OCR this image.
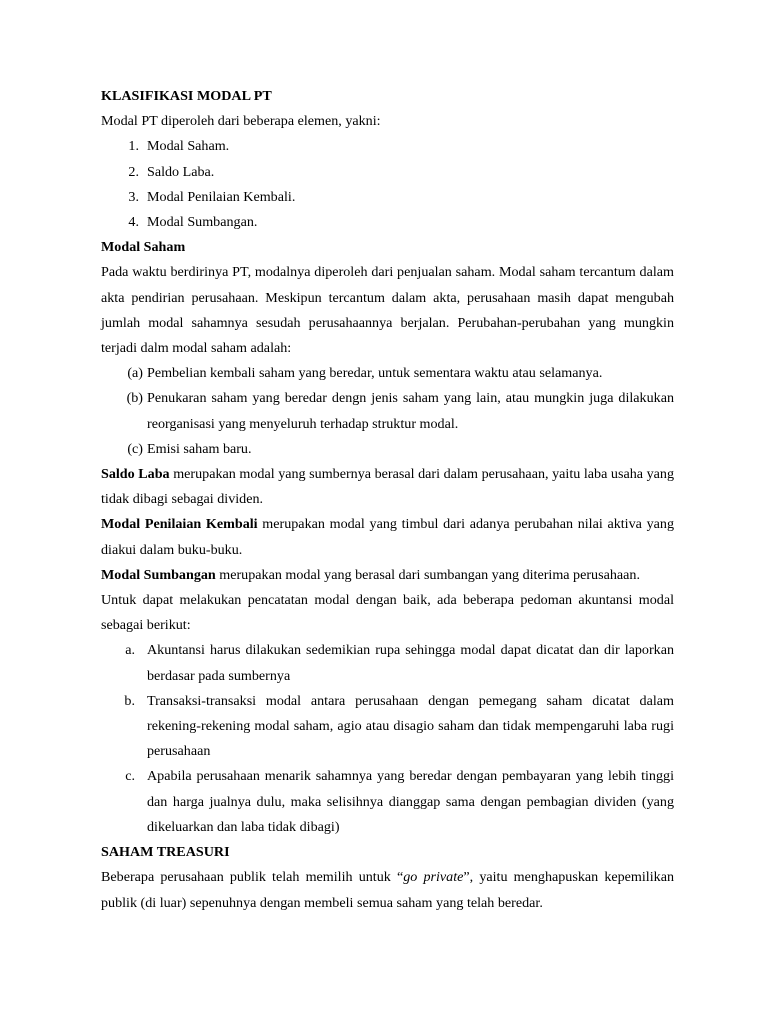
KLASIFIKASI MODAL PT
Modal PT diperoleh dari beberapa elemen, yakni:
1. Modal Saham.
2. Saldo Laba.
3. Modal Penilaian Kembali.
4. Modal Sumbangan.
Modal Saham
Pada waktu berdirinya PT, modalnya diperoleh dari penjualan saham. Modal saham tercantum dalam akta pendirian perusahaan. Meskipun tercantum dalam akta, perusahaan masih dapat mengubah jumlah modal sahamnya sesudah perusahaannya berjalan. Perubahan-perubahan yang mungkin terjadi dalm modal saham adalah:
(a) Pembelian kembali saham yang beredar, untuk sementara waktu atau selamanya.
(b) Penukaran saham yang beredar dengn jenis saham yang lain, atau mungkin juga dilakukan reorganisasi yang menyeluruh terhadap struktur modal.
(c) Emisi saham baru.
Saldo Laba merupakan modal yang sumbernya berasal dari dalam perusahaan, yaitu laba usaha yang tidak dibagi sebagai dividen.
Modal Penilaian Kembali merupakan modal yang timbul dari adanya perubahan nilai aktiva yang diakui dalam buku-buku.
Modal Sumbangan merupakan modal yang berasal dari sumbangan yang diterima perusahaan.
Untuk dapat melakukan pencatatan modal dengan baik, ada beberapa pedoman akuntansi modal sebagai berikut:
a. Akuntansi harus dilakukan sedemikian rupa sehingga modal dapat dicatat dan dir laporkan berdasar pada sumbernya
b. Transaksi-transaksi modal antara perusahaan dengan pemegang saham dicatat dalam rekening-rekening modal saham, agio atau disagio saham dan tidak mempengaruhi laba rugi perusahaan
c. Apabila perusahaan menarik sahamnya yang beredar dengan pembayaran yang lebih tinggi dan harga jualnya dulu, maka selisihnya dianggap sama dengan pembagian dividen (yang dikeluarkan dan laba tidak dibagi)
SAHAM TREASURI
Beberapa perusahaan publik telah memilih untuk “go private”, yaitu menghapuskan kepemilikan publik (di luar) sepenuhnya dengan membeli semua saham yang telah beredar.
